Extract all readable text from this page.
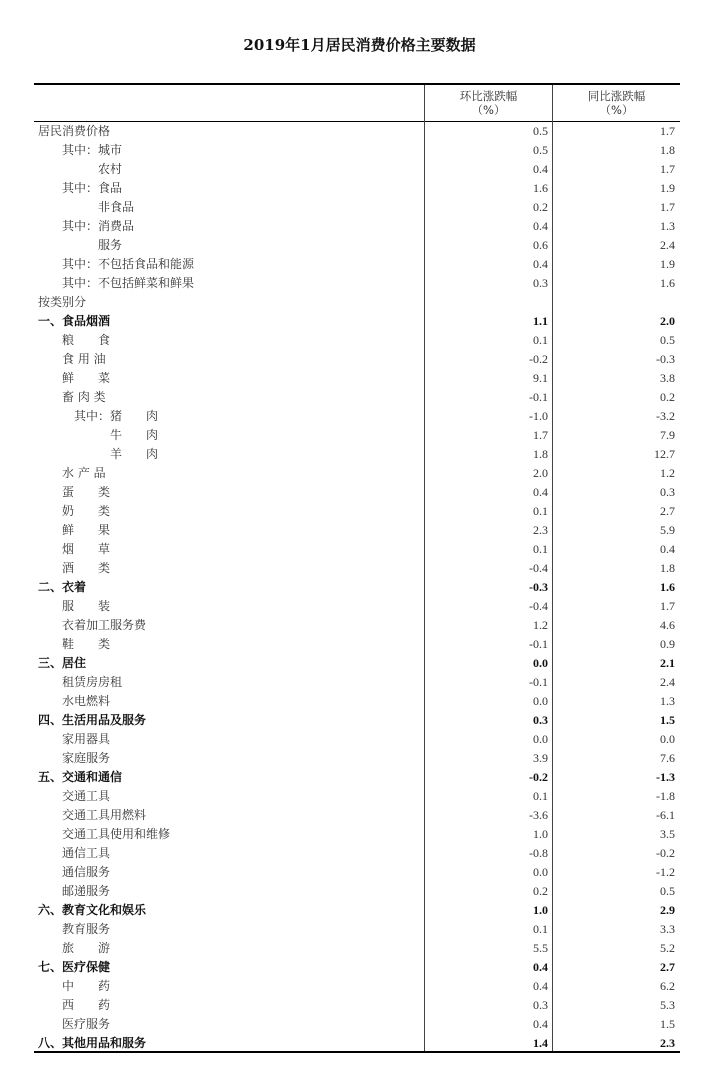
2019年1月居民消费价格主要数据
环比涨跌幅
（%）
同比涨跌幅
（%）
居民消费价格	0.5	1.7
其中：城市	0.5	1.8
农村	0.4	1.7
其中：食品	1.6	1.9
非食品	0.2	1.7
其中：消费品	0.4	1.3
服务	0.6	2.4
其中：不包括食品和能源	0.4	1.9
其中：不包括鲜菜和鲜果	0.3	1.6
按类别分
一、食品烟酒	1.1	2.0
粮　　食	0.1	0.5
食 用 油	-0.2	-0.3
鲜　　菜	9.1	3.8
畜 肉 类	-0.1	0.2
其中：猪　　肉	-1.0	-3.2
牛　　肉	1.7	7.9
羊　　肉	1.8	12.7
水 产 品	2.0	1.2
蛋　　类	0.4	0.3
奶　　类	0.1	2.7
鲜　　果	2.3	5.9
烟　　草	0.1	0.4
酒　　类	-0.4	1.8
二、衣着	-0.3	1.6
服　　装	-0.4	1.7
衣着加工服务费	1.2	4.6
鞋　　类	-0.1	0.9
三、居住	0.0	2.1
租赁房房租	-0.1	2.4
水电燃料	0.0	1.3
四、生活用品及服务	0.3	1.5
家用器具	0.0	0.0
家庭服务	3.9	7.6
五、交通和通信	-0.2	-1.3
交通工具	0.1	-1.8
交通工具用燃料	-3.6	-6.1
交通工具使用和维修	1.0	3.5
通信工具	-0.8	-0.2
通信服务	0.0	-1.2
邮递服务	0.2	0.5
六、教育文化和娱乐	1.0	2.9
教育服务	0.1	3.3
旅　　游	5.5	5.2
七、医疗保健	0.4	2.7
中　　药	0.4	6.2
西　　药	0.3	5.3
医疗服务	0.4	1.5
八、其他用品和服务	1.4	2.3
